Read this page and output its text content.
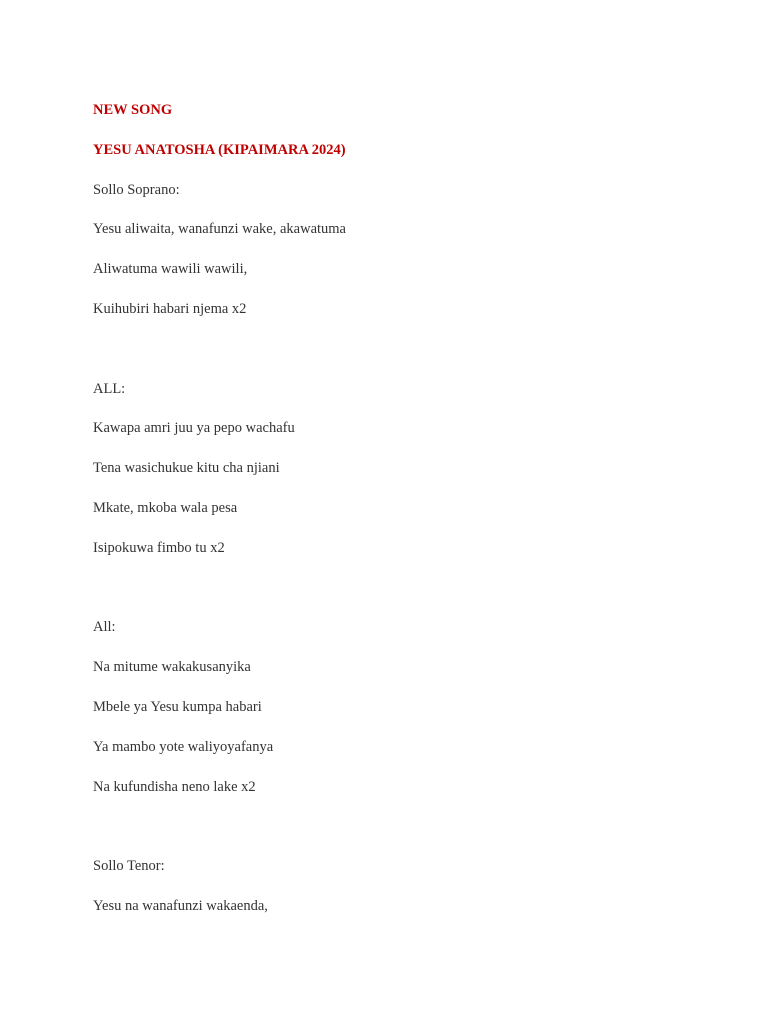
NEW SONG
YESU ANATOSHA (KIPAIMARA 2024)
Sollo Soprano:
Yesu aliwaita, wanafunzi wake, akawatuma
Aliwatuma wawili wawili,
Kuihubiri habari njema x2
ALL:
Kawapa amri juu ya pepo wachafu
Tena wasichukue kitu cha njiani
Mkate, mkoba wala pesa
Isipokuwa fimbo tu x2
All:
Na mitume wakakusanyika
Mbele ya Yesu kumpa habari
Ya mambo yote waliyoyafanya
Na kufundisha neno lake x2
Sollo Tenor:
Yesu na wanafunzi wakaenda,
